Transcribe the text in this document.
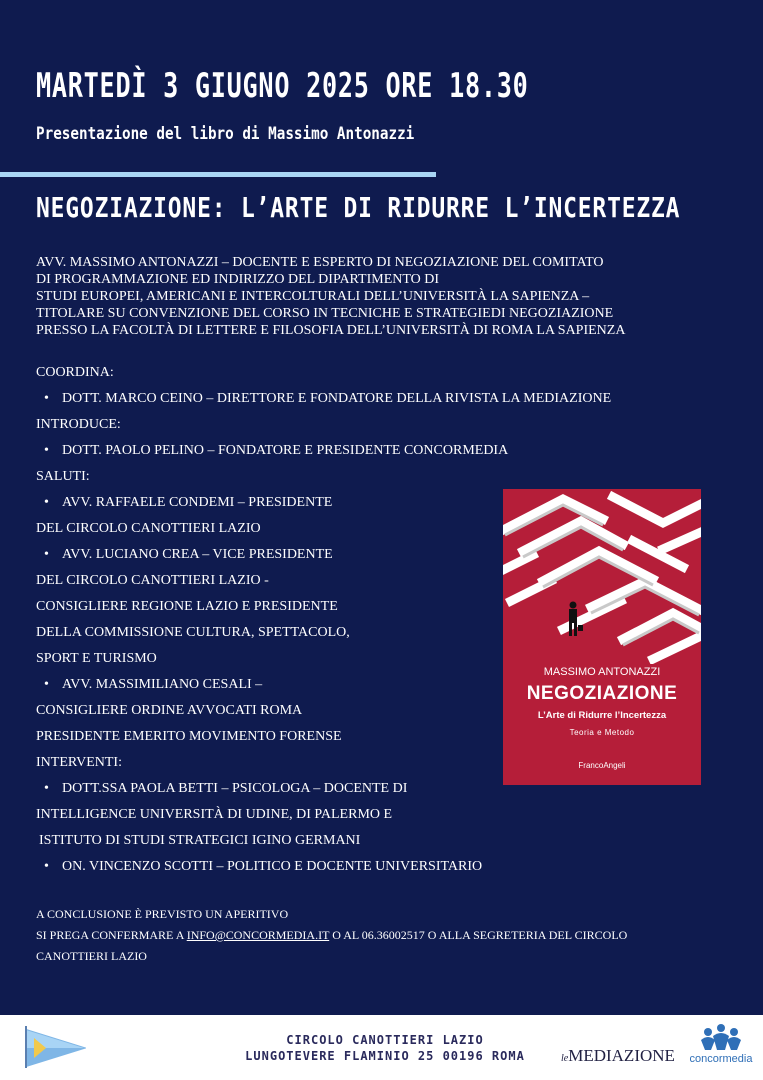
MARTEDÌ 3 GIUGNO 2025 ORE 18.30
Presentazione del libro di Massimo Antonazzi
NEGOZIAZIONE: L’ARTE DI RIDURRE L’INCERTEZZA
AVV. MASSIMO ANTONAZZI – DOCENTE E ESPERTO DI NEGOZIAZIONE DEL COMITATO
DI PROGRAMMAZIONE ED INDIRIZZO DEL DIPARTIMENTO DI
STUDI EUROPEI, AMERICANI E INTERCOLTURALI DELL’UNIVERSITÀ LA SAPIENZA –
TITOLARE SU CONVENZIONE DEL CORSO IN TECNICHE E STRATEGIEDI NEGOZIAZIONE
PRESSO LA FACOLTÀ DI LETTERE E FILOSOFIA DELL’UNIVERSITÀ DI ROMA LA SAPIENZA
COORDINA:
• DOTT. MARCO CEINO – DIRETTORE E FONDATORE DELLA RIVISTA LA MEDIAZIONE
INTRODUCE:
• DOTT. PAOLO PELINO – FONDATORE E PRESIDENTE CONCORMEDIA
SALUTI:
• AVV. RAFFAELE CONDEMI – PRESIDENTE
DEL CIRCOLO CANOTTIERI LAZIO
• AVV. LUCIANO CREA – VICE PRESIDENTE
DEL CIRCOLO CANOTTIERI LAZIO -
CONSIGLIERE REGIONE LAZIO E PRESIDENTE
DELLA COMMISSIONE CULTURA, SPETTACOLO,
SPORT E TURISMO
• AVV. MASSIMILIANO CESALI –
CONSIGLIERE ORDINE AVVOCATI ROMA
PRESIDENTE EMERITO MOVIMENTO FORENSE
INTERVENTI:
• DOTT.SSA PAOLA BETTI – PSICOLOGA – DOCENTE DI
INTELLIGENCE UNIVERSITÀ DI UDINE, DI PALERMO E
ISTITUTO DI STUDI STRATEGICI IGINO GERMANI
• ON. VINCENZO SCOTTI – POLITICO E DOCENTE UNIVERSITARIO
A CONCLUSIONE È PREVISTO UN APERITIVO
SI PREGA CONFERMARE A INFO@CONCORMEDIA.IT O AL 06.36002517 O ALLA SEGRETERIA DEL CIRCOLO
CANOTTIERI LAZIO
MASSIMO ANTONAZZI
NEGOZIAZIONE
L’Arte di Ridurre l’Incertezza
Teoria e Metodo
FrancoAngeli
CIRCOLO CANOTTIERI LAZIO
LUNGOTEVERE FLAMINIO 25 00196 ROMA	leMEDIAZIONE	concormedia
